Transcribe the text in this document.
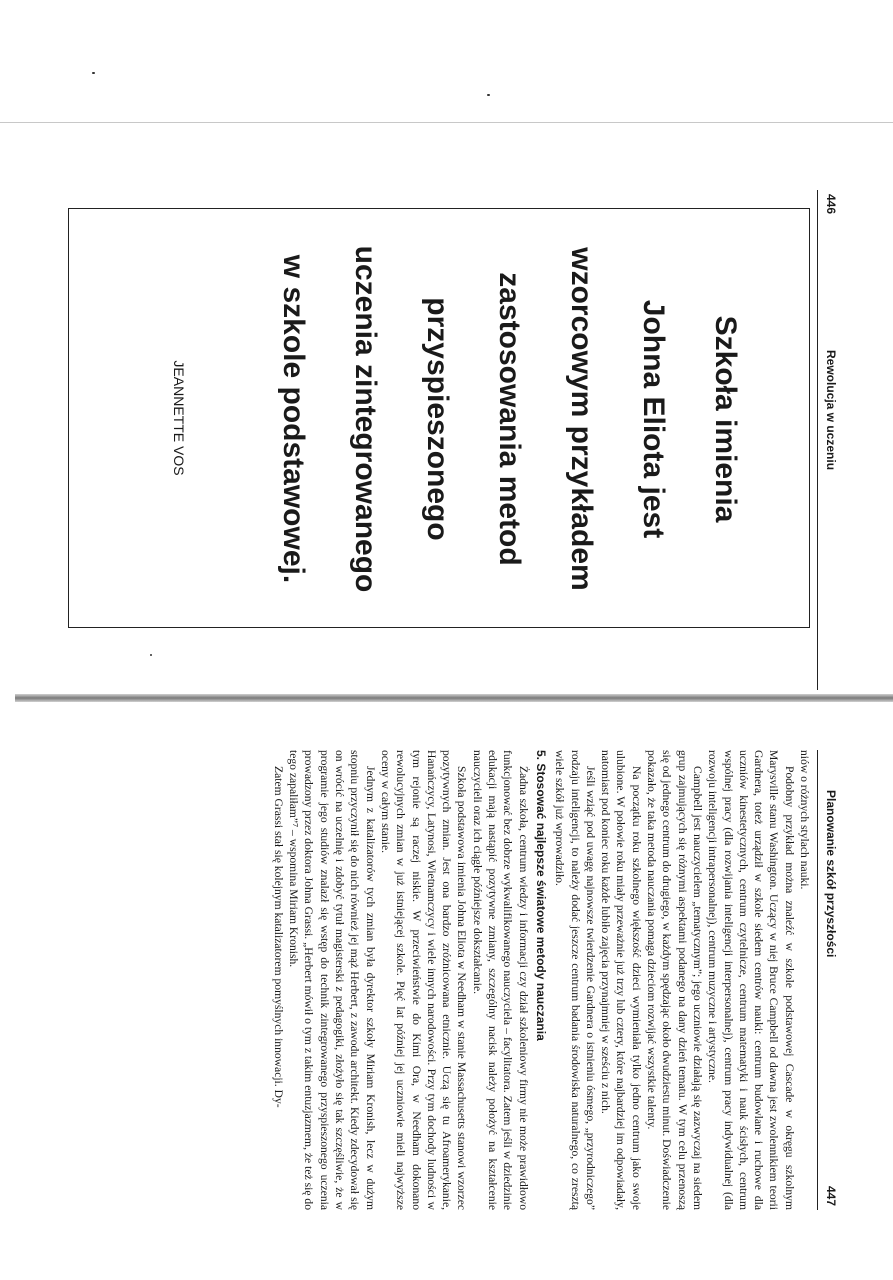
446
Rewolucja w uczeniu
Planowanie szkół przyszłości
447

niów o różnych stylach nauki.

Podobny przykład można znaleźć w szkole podstawowej Cascade w okręgu szkolnym Marysville stanu Washington. Uczący w niej Bruce Campbell od dawna jest zwolennikiem teorii Gardnera, toteż urządził w szkole siedem centrów nauki: centrum budowlane i ruchowe dla uczniów kinestetycznych, centrum czytelnicze, centrum matematyki i nauk ścisłych, centrum wspólnej pracy (dla rozwijania inteligencji interpersonalnej), centrum pracy indywidualnej (dla rozwoju inteligencji intrapersonalnej), centrum muzyczne i artystyczne.

Campbell jest nauczycielem „tematycznym”; jego uczniowie działają się zazwyczaj na siedem grup zajmujących się różnymi aspektami podanego na dany dzień tematu. W tym celu przenoszą się od jednego centrum do drugiego, w każdym spędzając około dwudziestu minut. Doświadczenie pokazało, że taka metoda nauczania pomaga dzieciom rozwijać wszystkie talenty.

Na początku roku szkolnego większość dzieci wymieniała tylko jedno centrum jako swoje ulubione. W połowie roku miały przeważnie już trzy lub cztery, które najbardziej im odpowiadały, natomiast pod koniec roku każde lubiło zajęcia przynajmniej w sześciu z nich.

Jeśli wziąć pod uwagę najnowsze twierdzenie Gardnera o istnieniu ósmego, „przyrodniczego” rodzaju inteligencji, to należy dodać jeszcze centrum badania środowiska naturalnego, co zresztą wiele szkół już wprowadziło.

5. Stosować najlepsze światowe metody nauczania

Żadna szkoła, centrum wiedzy i informacji czy dział szkoleniowy firmy nie może prawidłowo funkcjonować bez dobrze wykwalifikowanego nauczyciela – facylitatora. Zatem jeśli w dziedzinie edukacji mają nastąpić pozytywne zmiany, szczególny nacisk należy położyć na kształcenie nauczycieli oraz ich ciągłe późniejsze dokształcanie.

Szkoła podstawowa imienia Johna Eliota w Needham w stanie Massachusetts stanowi wzorzec pozytywnych zmian. Jest ona bardzo zróżnicowana etnicznie. Uczą się tu Afroamerykanie, Hanańczycy, Latynosi, Wietnamczycy i wiele innych narodowości. Przy tym dochody ludności w tym rejonie są raczej niskie. W przeciwieństwie do Kimi Ora, w Needham dokonano rewolucyjnych zmian w już istniejącej szkole. Pięć lat później jej uczniowie mieli najwyższe oceny w całym stanie.

Jednym z katalizatorów tych zmian była dyrektor szkoły Miriam Kronish, lecz w dużym stopniu przyczynił się do nich również jej mąż Herbert, z zawodu architekt. Kiedy zdecydował się on wrócić na uczelnię i zdobyć tytuł magisterski z pedagogiki, złożyło się tak szczęśliwie, że w programie jego studiów znalazł się wstęp do technik zintegrowanego przyspieszonego uczenia prowadzony przez doktora Johna Grassi. „Herbert mówił o tym z takim entuzjazmem, że też się do tego zapaliłam”⁷ – wspomina Miriam Kronish.

Zatem Grassi stał się kolejnym katalizatorem pomyślnych innowacji. Dy-

Szkoła imienia
Johna Eliota jest
wzorcowym przykładem
zastosowania metod
przyspieszonego
uczenia zintegrowanego
w szkole podstawowej.
JEANNETTE VOS
